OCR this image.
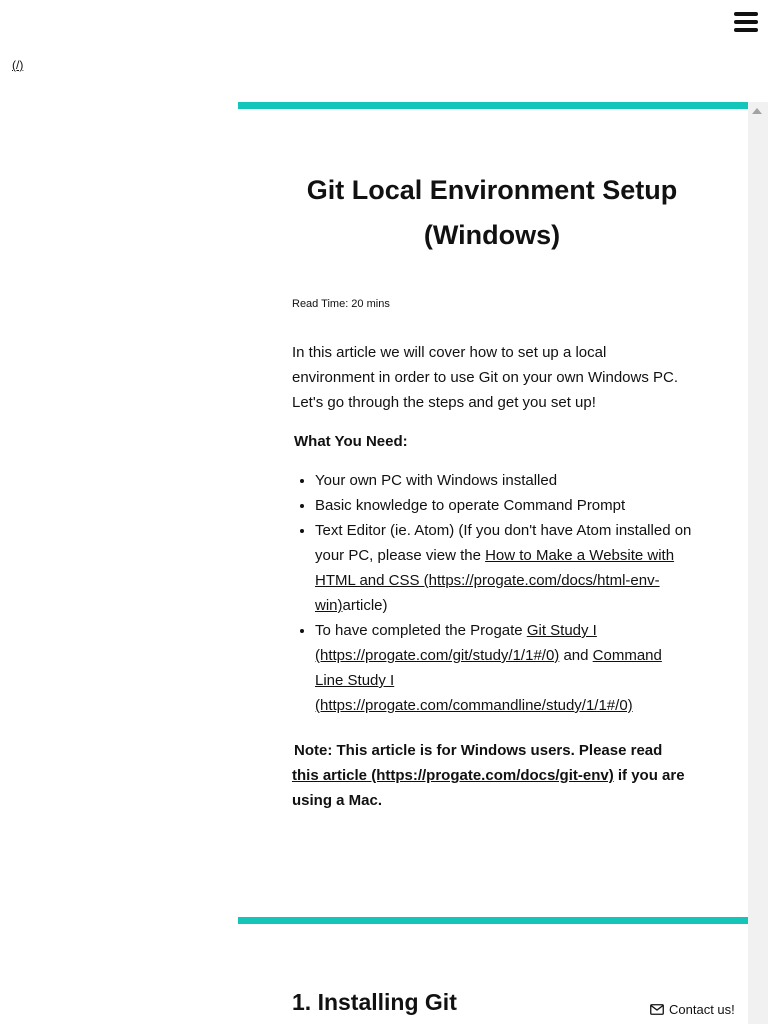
(/)
Git Local Environment Setup (Windows)
Read Time: 20 mins

In this article we will cover how to set up a local environment in order to use Git on your own Windows PC. Let's go through the steps and get you set up!

What You Need:
• Your own PC with Windows installed
• Basic knowledge to operate Command Prompt
• Text Editor (ie. Atom) (If you don't have Atom installed on your PC, please view the How to Make a Website with HTML and CSS (https://progate.com/docs/html-env-win)article)
• To have completed the Progate Git Study I (https://progate.com/git/study/1/1#/0) and Command Line Study I (https://progate.com/commandline/study/1/1#/0)
Note: This article is for Windows users. Please read this article (https://progate.com/docs/git-env) if you are using a Mac.
1. Installing Git	Contact us!
